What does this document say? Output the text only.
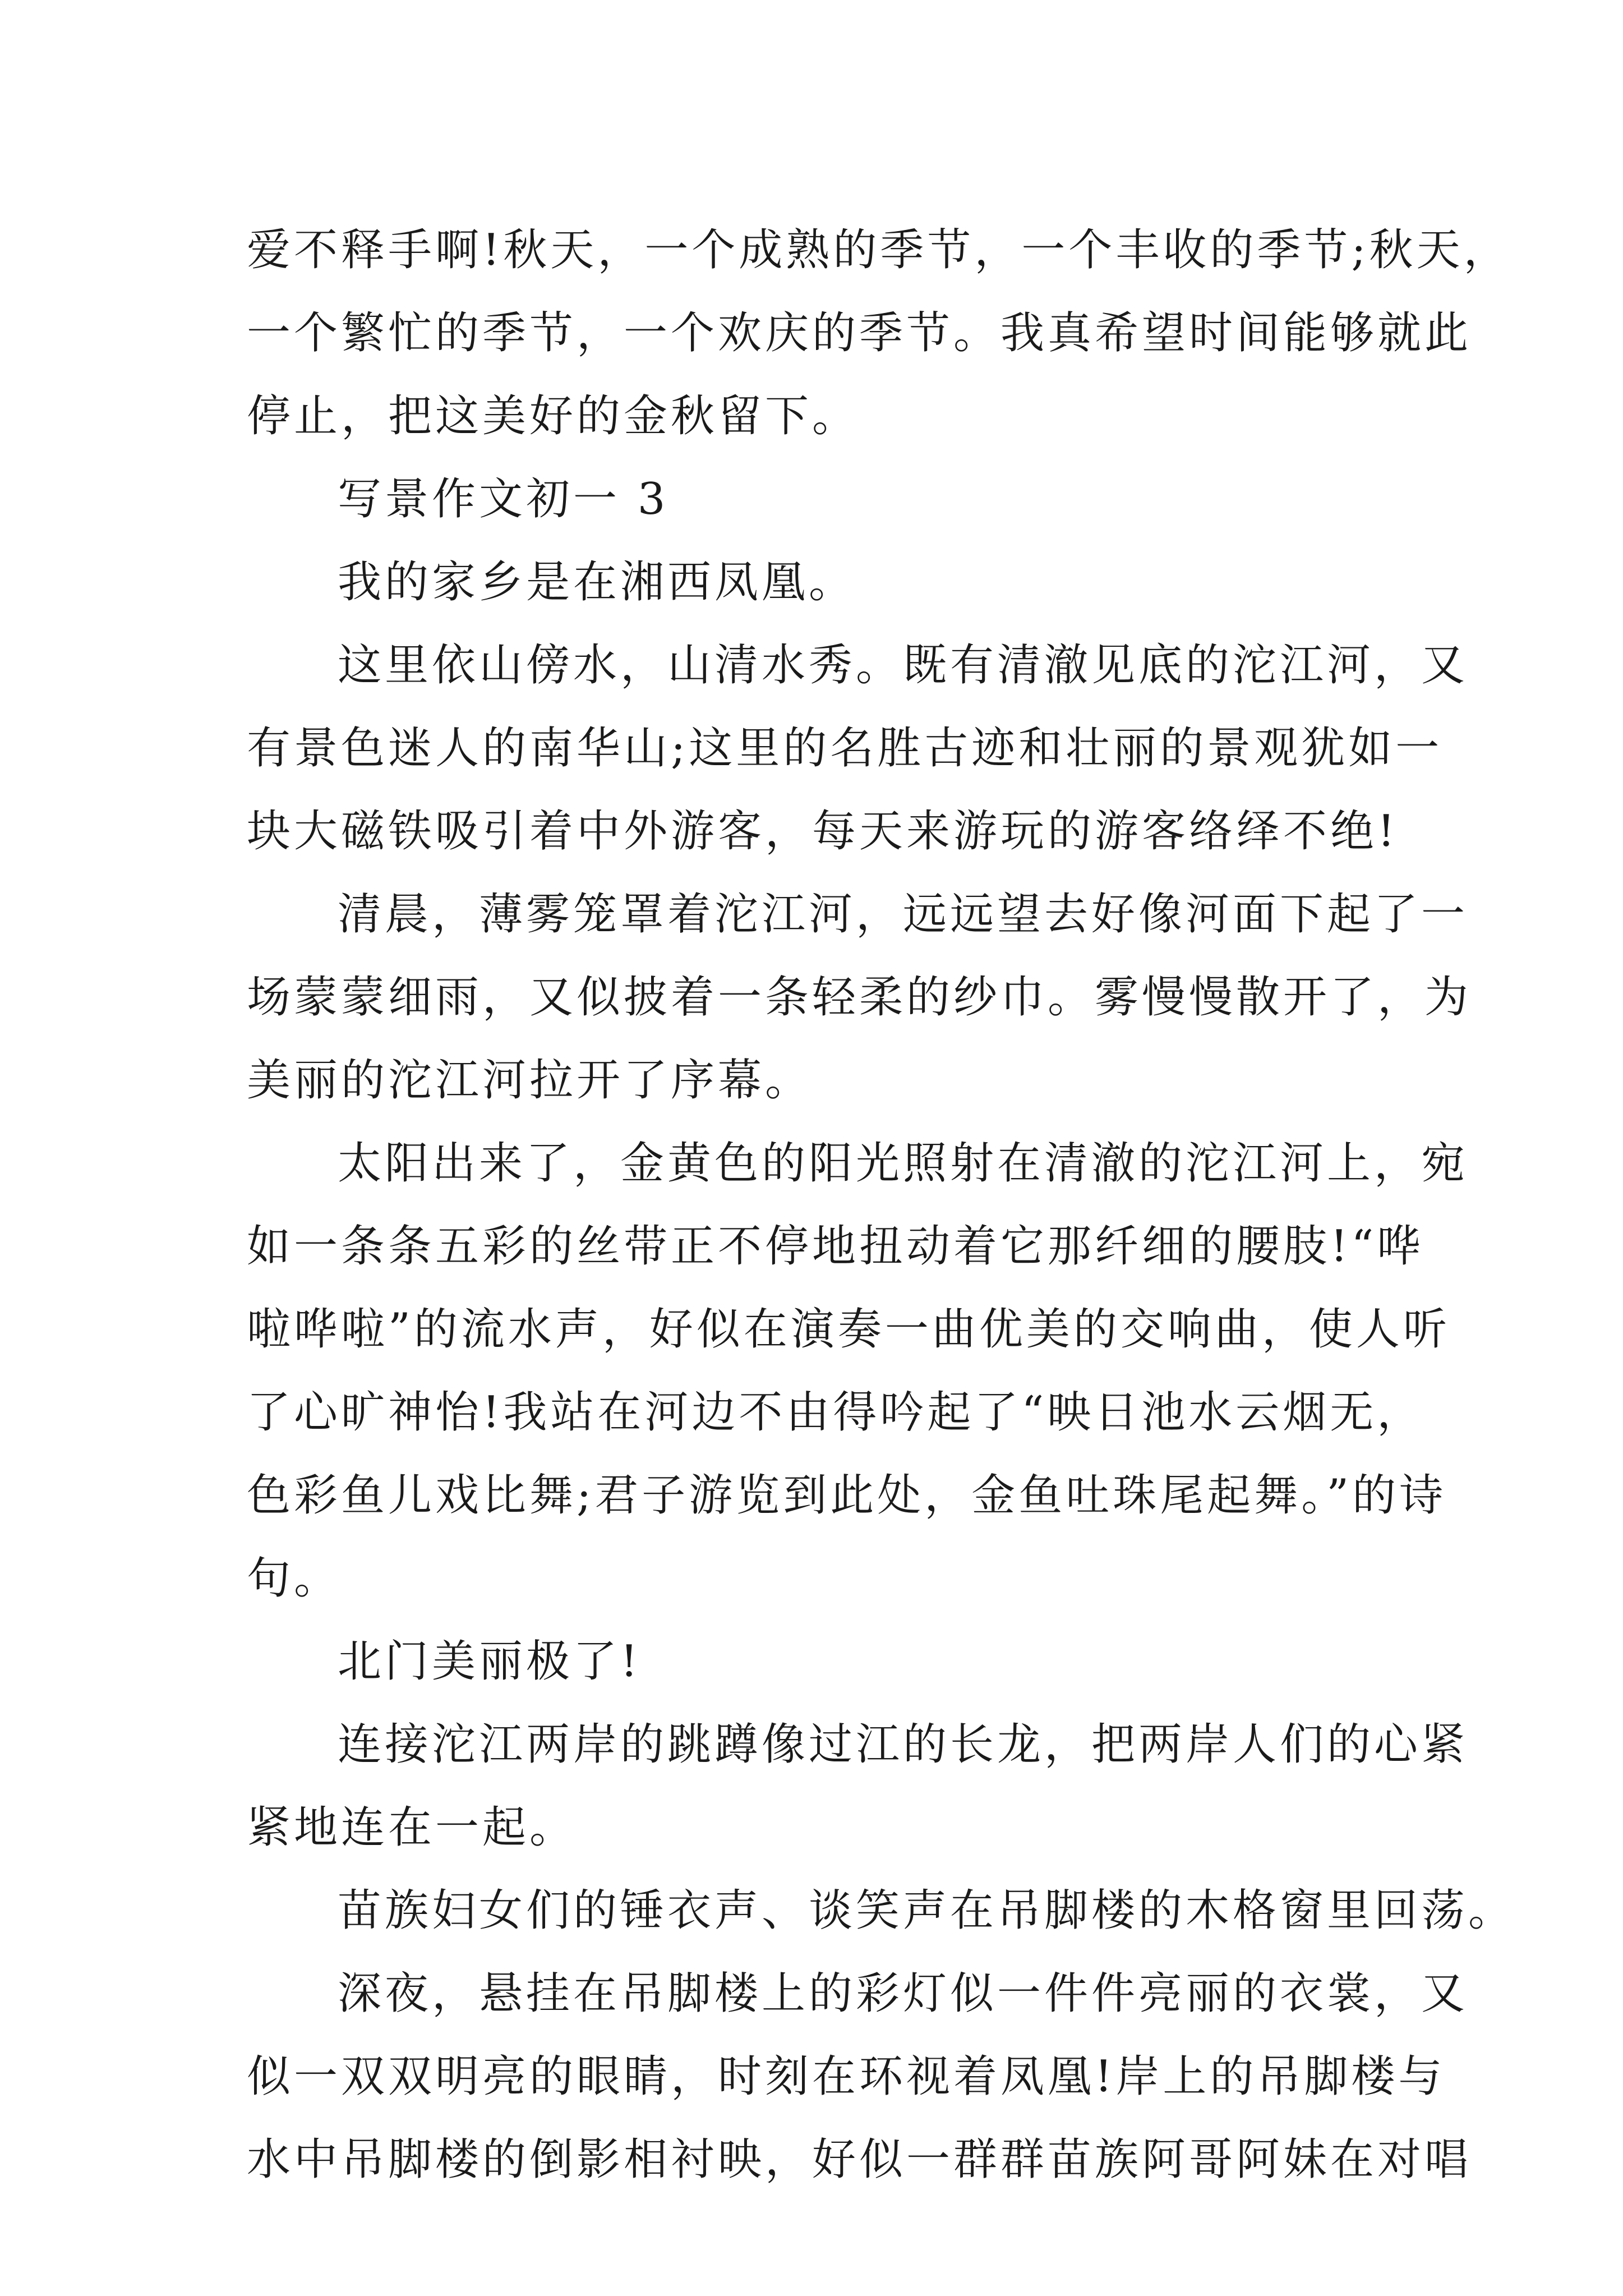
爱不释手啊!秋天，一个成熟的季节，一个丰收的季节;秋天，
一个繁忙的季节，一个欢庆的季节。我真希望时间能够就此
停止，把这美好的金秋留下。
写景作文初一 3
我的家乡是在湘西凤凰。
这里依山傍水，山清水秀。既有清澈见底的沱江河，又
有景色迷人的南华山;这里的名胜古迹和壮丽的景观犹如一
块大磁铁吸引着中外游客，每天来游玩的游客络绎不绝!
清晨，薄雾笼罩着沱江河，远远望去好像河面下起了一
场蒙蒙细雨，又似披着一条轻柔的纱巾。雾慢慢散开了，为
美丽的沱江河拉开了序幕。
太阳出来了，金黄色的阳光照射在清澈的沱江河上，宛
如一条条五彩的丝带正不停地扭动着它那纤细的腰肢!“哗
啦哗啦”的流水声，好似在演奏一曲优美的交响曲，使人听
了心旷神怡!我站在河边不由得吟起了“映日池水云烟无，
色彩鱼儿戏比舞;君子游览到此处，金鱼吐珠尾起舞。”的诗
句。
北门美丽极了!
连接沱江两岸的跳蹲像过江的长龙，把两岸人们的心紧
紧地连在一起。
苗族妇女们的锤衣声、谈笑声在吊脚楼的木格窗里回荡。
深夜，悬挂在吊脚楼上的彩灯似一件件亮丽的衣裳，又
似一双双明亮的眼睛，时刻在环视着凤凰!岸上的吊脚楼与
水中吊脚楼的倒影相衬映，好似一群群苗族阿哥阿妹在对唱
